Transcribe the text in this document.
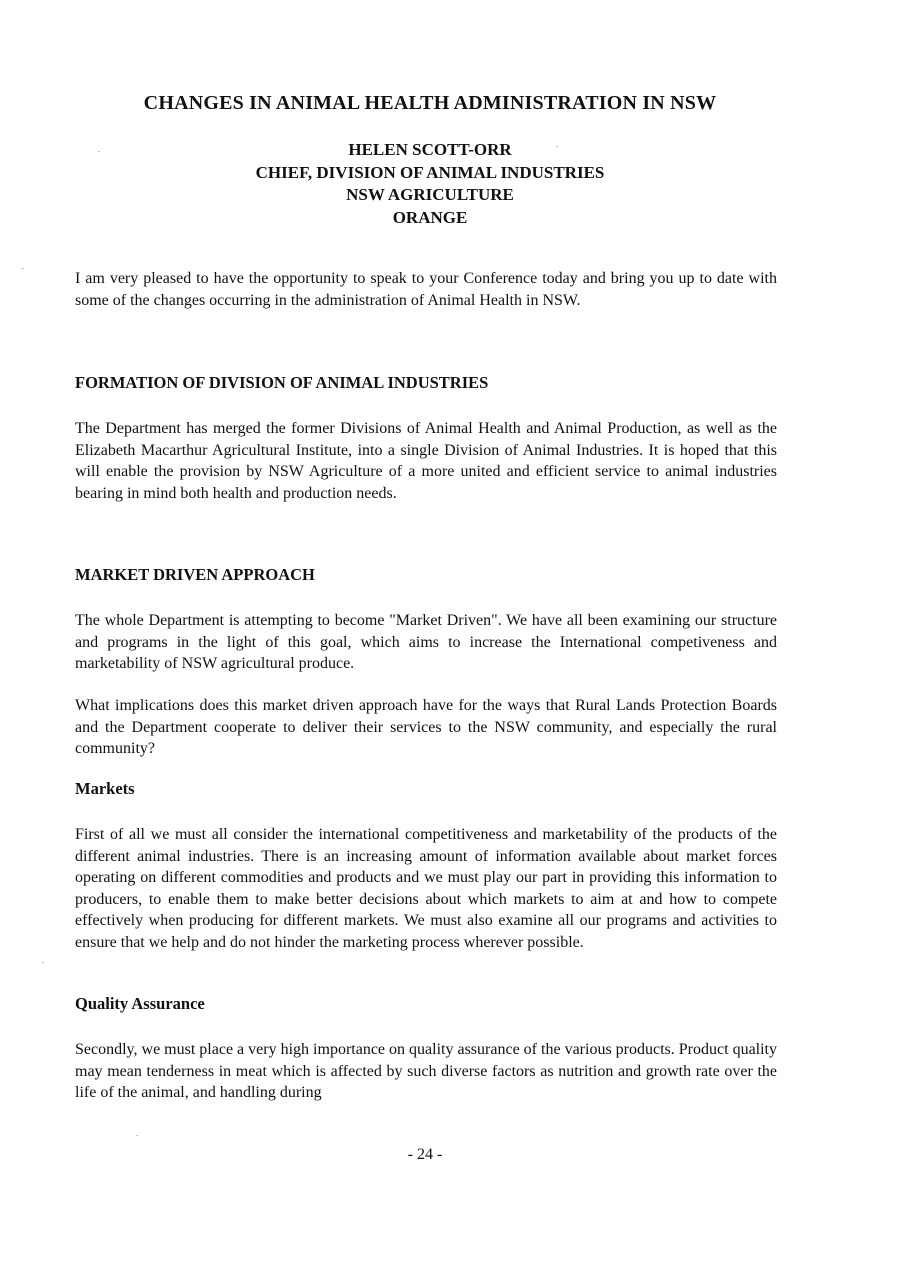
CHANGES IN ANIMAL HEALTH ADMINISTRATION IN NSW
HELEN SCOTT-ORR
CHIEF, DIVISION OF ANIMAL INDUSTRIES
NSW AGRICULTURE
ORANGE

I am very pleased to have the opportunity to speak to your Conference today and bring you up to date with some of the changes occurring in the administration of Animal Health in NSW.

FORMATION OF DIVISION OF ANIMAL INDUSTRIES

The Department has merged the former Divisions of Animal Health and Animal Production, as well as the Elizabeth Macarthur Agricultural Institute, into a single Division of Animal Industries. It is hoped that this will enable the provision by NSW Agriculture of a more united and efficient service to animal industries bearing in mind both health and production needs.

MARKET DRIVEN APPROACH

The whole Department is attempting to become "Market Driven". We have all been examining our structure and programs in the light of this goal, which aims to increase the International competiveness and marketability of NSW agricultural produce.

What implications does this market driven approach have for the ways that Rural Lands Protection Boards and the Department cooperate to deliver their services to the NSW community, and especially the rural community?

Markets

First of all we must all consider the international competitiveness and marketability of the products of the different animal industries. There is an increasing amount of information available about market forces operating on different commodities and products and we must play our part in providing this information to producers, to enable them to make better decisions about which markets to aim at and how to compete effectively when producing for different markets. We must also examine all our programs and activities to ensure that we help and do not hinder the marketing process wherever possible.

Quality Assurance

Secondly, we must place a very high importance on quality assurance of the various products. Product quality may mean tenderness in meat which is affected by such diverse factors as nutrition and growth rate over the life of the animal, and handling during

- 24 -
